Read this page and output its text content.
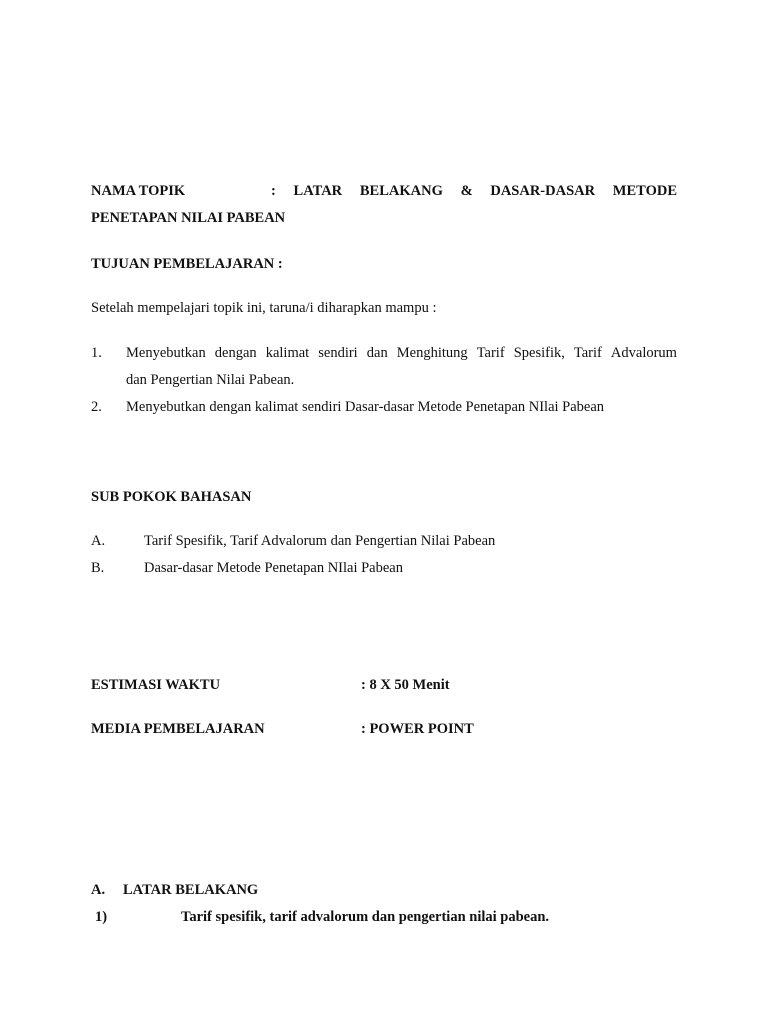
NAMA TOPIK	: LATAR BELAKANG & DASAR-DASAR METODE
PENETAPAN NILAI PABEAN
TUJUAN PEMBELAJARAN :
Setelah mempelajari topik ini, taruna/i diharapkan mampu :
1. Menyebutkan dengan kalimat sendiri dan Menghitung Tarif Spesifik, Tarif Advalorum
dan Pengertian Nilai Pabean.
2. Menyebutkan dengan kalimat sendiri Dasar-dasar Metode Penetapan NIlai Pabean
SUB POKOK BAHASAN
A.	Tarif Spesifik, Tarif Advalorum dan Pengertian Nilai Pabean
B.	Dasar-dasar Metode Penetapan NIlai Pabean
ESTIMASI WAKTU	: 8 X 50 Menit
MEDIA PEMBELAJARAN	: POWER POINT
A. LATAR BELAKANG
1)	Tarif spesifik, tarif advalorum dan pengertian nilai pabean.
